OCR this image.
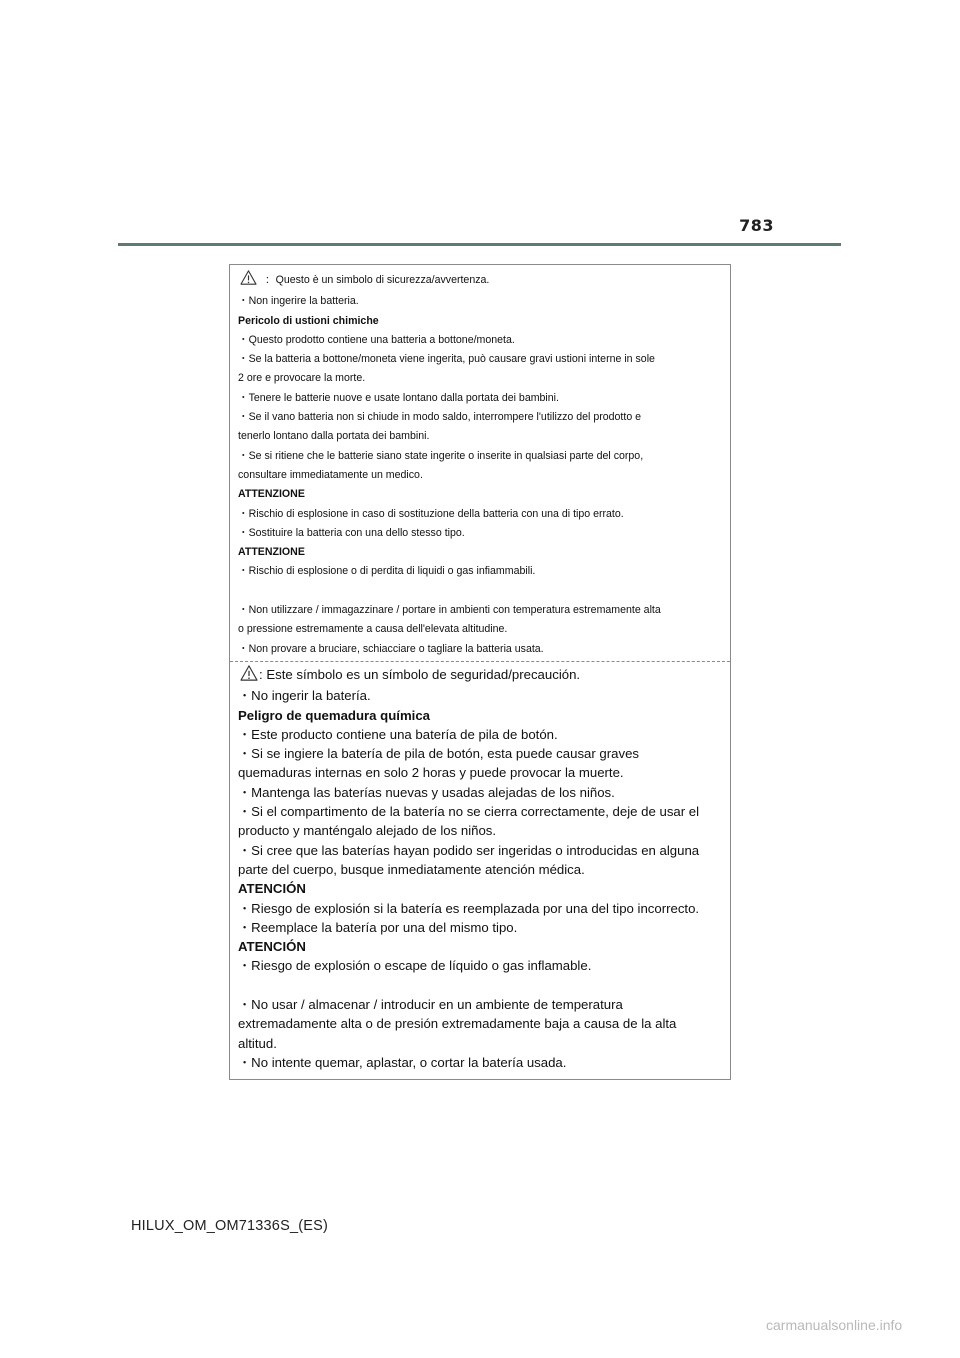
783
：Questo è un simbolo di sicurezza/avvertenza.
・Non ingerire la batteria.
Pericolo di ustioni chimiche
・Questo prodotto contiene una batteria a bottone/moneta.
・Se la batteria a bottone/moneta viene ingerita, può causare gravi ustioni interne in sole
2 ore e provocare la morte.
・Tenere le batterie nuove e usate lontano dalla portata dei bambini.
・Se il vano batteria non si chiude in modo saldo, interrompere l'utilizzo del prodotto e
tenerlo lontano dalla portata dei bambini.
・Se si ritiene che le batterie siano state ingerite o inserite in qualsiasi parte del corpo,
consultare immediatamente un medico.
ATTENZIONE
・Rischio di esplosione in caso di sostituzione della batteria con una di tipo errato.
・Sostituire la batteria con una dello stesso tipo.
ATTENZIONE
・Rischio di esplosione o di perdita di liquidi o gas infiammabili.
・Non utilizzare / immagazzinare / portare in ambienti con temperatura estremamente alta
o pressione estremamente a causa dell'elevata altitudine.
・Non provare a bruciare, schiacciare o tagliare la batteria usata.
: Este símbolo es un símbolo de seguridad/precaución.
・No ingerir la batería.
Peligro de quemadura química
・Este producto contiene una batería de pila de botón.
・Si se ingiere la batería de pila de botón, esta puede causar graves
quemaduras internas en solo 2 horas y puede provocar la muerte.
・Mantenga las baterías nuevas y usadas alejadas de los niños.
・Si el compartimento de la batería no se cierra correctamente, deje de usar el
producto y manténgalo alejado de los niños.
・Si cree que las baterías hayan podido ser ingeridas o introducidas en alguna
parte del cuerpo, busque inmediatamente atención médica.
ATENCIÓN
・Riesgo de explosión si la batería es reemplazada por una del tipo incorrecto.
・Reemplace la batería por una del mismo tipo.
ATENCIÓN
・Riesgo de explosión o escape de líquido o gas inflamable.
・No usar / almacenar / introducir en un ambiente de temperatura
extremadamente alta o de presión extremadamente baja a causa de la alta
altitud.
・No intente quemar, aplastar, o cortar la batería usada.
HILUX_OM_OM71336S_(ES)
carmanualsonline.info
